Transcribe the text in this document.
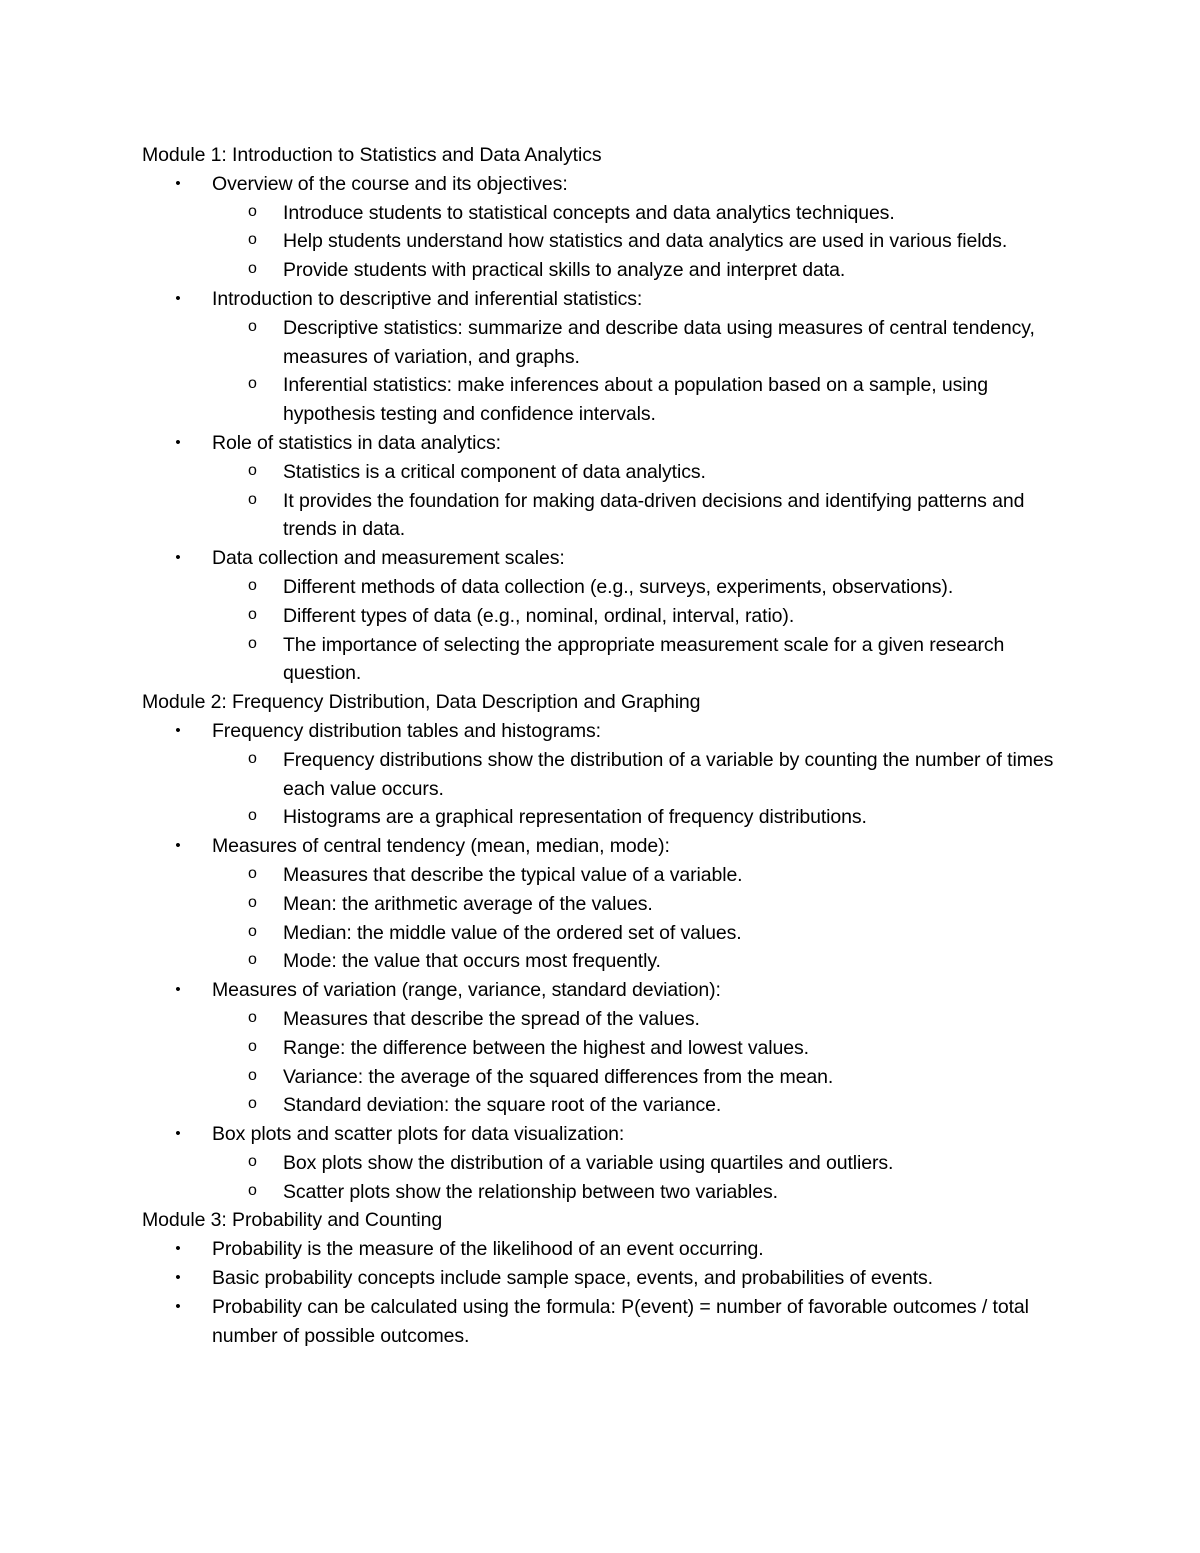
Module 1: Introduction to Statistics and Data Analytics
• Overview of the course and its objectives:
o Introduce students to statistical concepts and data analytics techniques.
o Help students understand how statistics and data analytics are used in various fields.
o Provide students with practical skills to analyze and interpret data.
• Introduction to descriptive and inferential statistics:
o Descriptive statistics: summarize and describe data using measures of central tendency, measures of variation, and graphs.
o Inferential statistics: make inferences about a population based on a sample, using hypothesis testing and confidence intervals.
• Role of statistics in data analytics:
o Statistics is a critical component of data analytics.
o It provides the foundation for making data-driven decisions and identifying patterns and trends in data.
• Data collection and measurement scales:
o Different methods of data collection (e.g., surveys, experiments, observations).
o Different types of data (e.g., nominal, ordinal, interval, ratio).
o The importance of selecting the appropriate measurement scale for a given research question.
Module 2: Frequency Distribution, Data Description and Graphing
• Frequency distribution tables and histograms:
o Frequency distributions show the distribution of a variable by counting the number of times each value occurs.
o Histograms are a graphical representation of frequency distributions.
• Measures of central tendency (mean, median, mode):
o Measures that describe the typical value of a variable.
o Mean: the arithmetic average of the values.
o Median: the middle value of the ordered set of values.
o Mode: the value that occurs most frequently.
• Measures of variation (range, variance, standard deviation):
o Measures that describe the spread of the values.
o Range: the difference between the highest and lowest values.
o Variance: the average of the squared differences from the mean.
o Standard deviation: the square root of the variance.
• Box plots and scatter plots for data visualization:
o Box plots show the distribution of a variable using quartiles and outliers.
o Scatter plots show the relationship between two variables.
Module 3: Probability and Counting
• Probability is the measure of the likelihood of an event occurring.
• Basic probability concepts include sample space, events, and probabilities of events.
• Probability can be calculated using the formula: P(event) = number of favorable outcomes / total number of possible outcomes.
